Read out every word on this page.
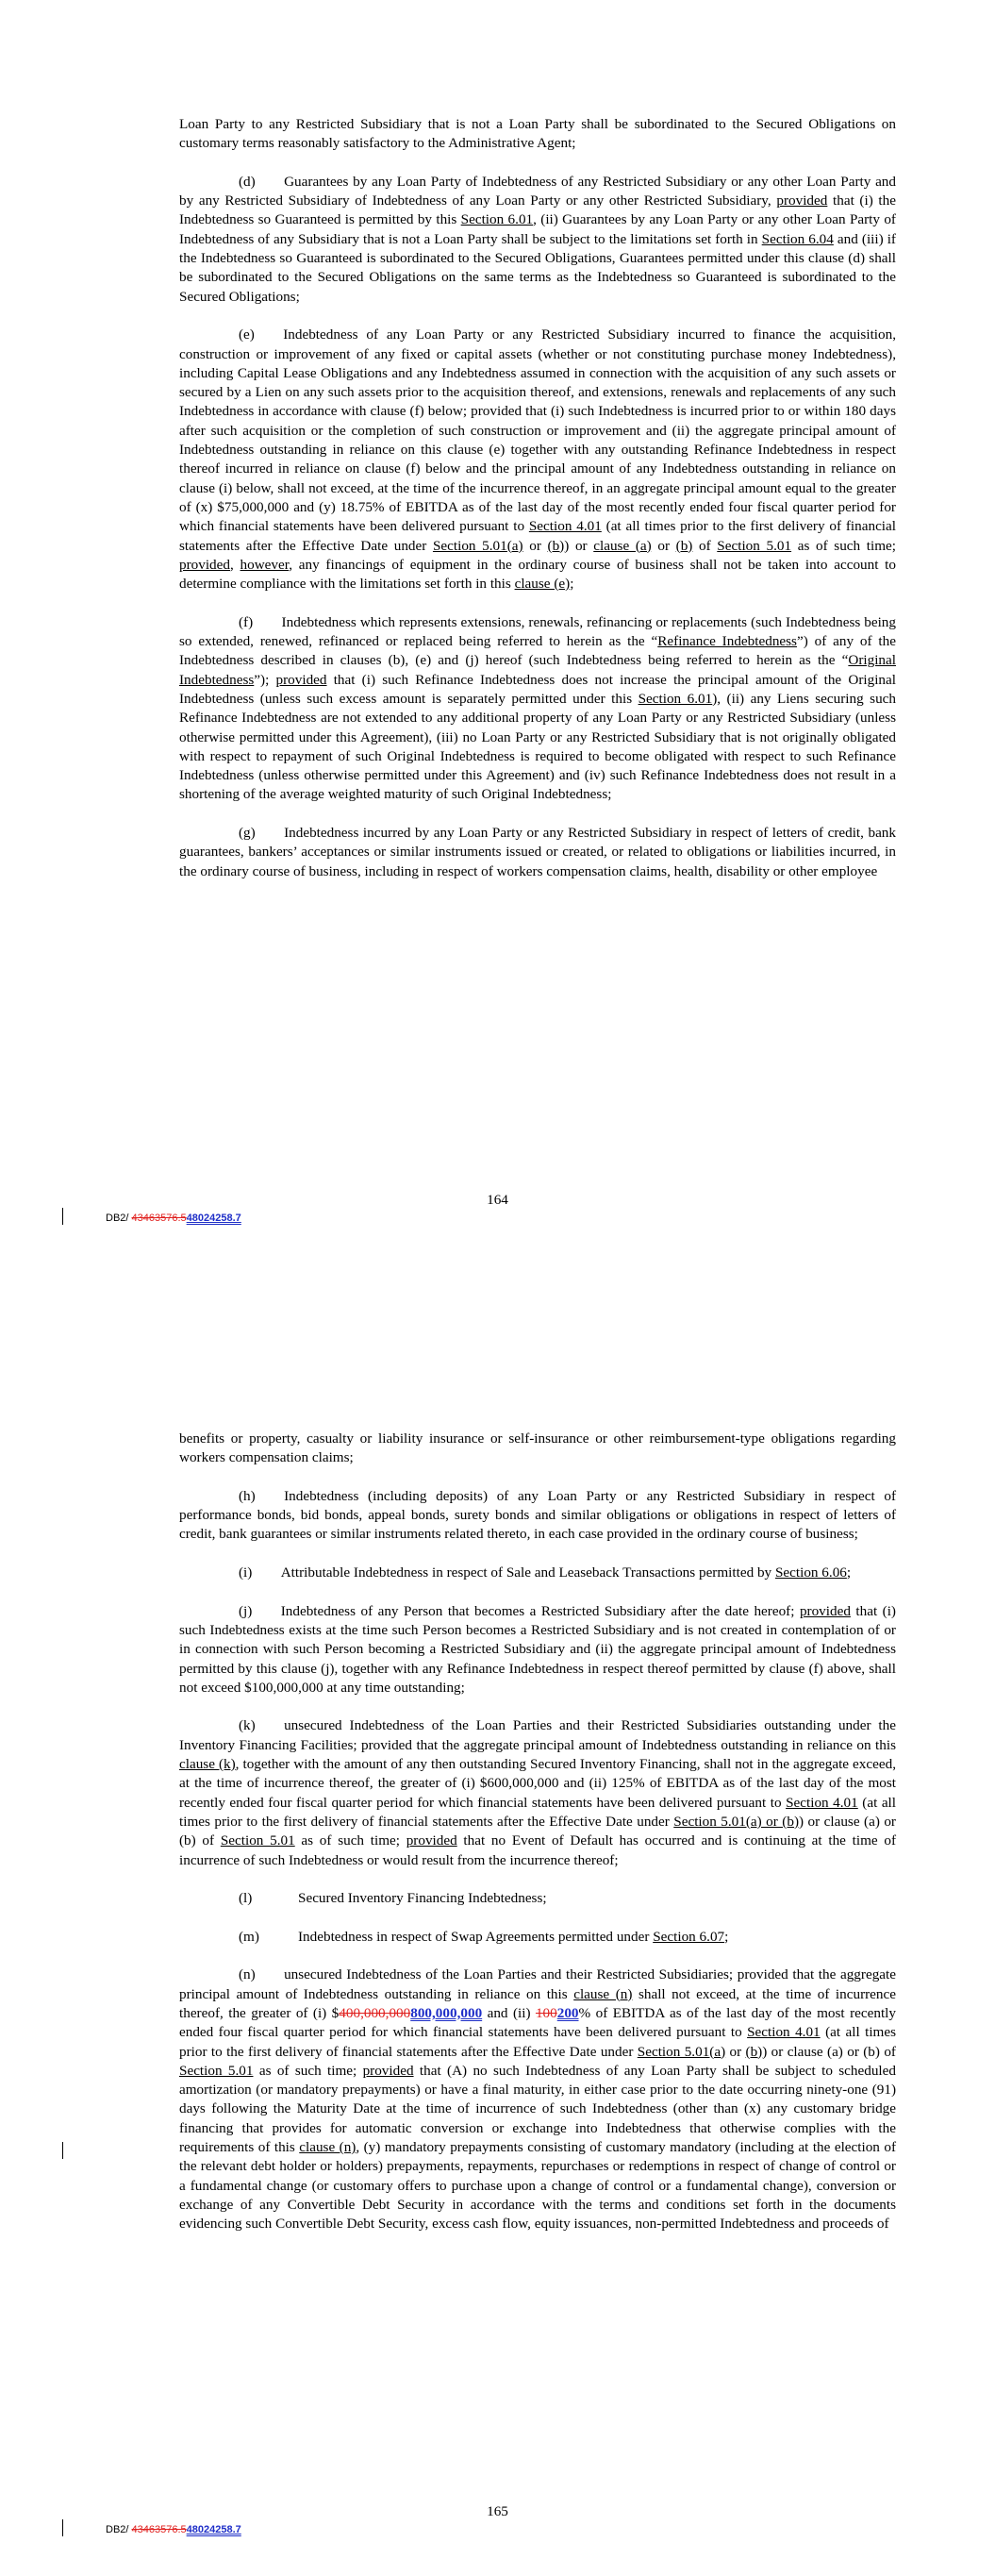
Loan Party to any Restricted Subsidiary that is not a Loan Party shall be subordinated to the Secured Obligations on customary terms reasonably satisfactory to the Administrative Agent;

(d)  Guarantees by any Loan Party of Indebtedness of any Restricted Subsidiary or any other Loan Party and by any Restricted Subsidiary of Indebtedness of any Loan Party or any other Restricted Subsidiary, provided that (i) the Indebtedness so Guaranteed is permitted by this Section 6.01, (ii) Guarantees by any Loan Party or any other Loan Party of Indebtedness of any Subsidiary that is not a Loan Party shall be subject to the limitations set forth in Section 6.04 and (iii) if the Indebtedness so Guaranteed is subordinated to the Secured Obligations, Guarantees permitted under this clause (d) shall be subordinated to the Secured Obligations on the same terms as the Indebtedness so Guaranteed is subordinated to the Secured Obligations;

(e)  Indebtedness of any Loan Party or any Restricted Subsidiary incurred to finance the acquisition, construction or improvement of any fixed or capital assets (whether or not constituting purchase money Indebtedness), including Capital Lease Obligations and any Indebtedness assumed in connection with the acquisition of any such assets or secured by a Lien on any such assets prior to the acquisition thereof, and extensions, renewals and replacements of any such Indebtedness in accordance with clause (f) below; provided that (i) such Indebtedness is incurred prior to or within 180 days after such acquisition or the completion of such construction or improvement and (ii) the aggregate principal amount of Indebtedness outstanding in reliance on this clause (e) together with any outstanding Refinance Indebtedness in respect thereof incurred in reliance on clause (f) below and the principal amount of any Indebtedness outstanding in reliance on clause (i) below, shall not exceed, at the time of the incurrence thereof, in an aggregate principal amount equal to the greater of (x) $75,000,000 and (y) 18.75% of EBITDA as of the last day of the most recently ended four fiscal quarter period for which financial statements have been delivered pursuant to Section 4.01 (at all times prior to the first delivery of financial statements after the Effective Date under Section 5.01(a) or (b)) or clause (a) or (b) of Section 5.01 as of such time; provided, however, any financings of equipment in the ordinary course of business shall not be taken into account to determine compliance with the limitations set forth in this clause (e);

(f)  Indebtedness which represents extensions, renewals, refinancing or replacements (such Indebtedness being so extended, renewed, refinanced or replaced being referred to herein as the “Refinance Indebtedness”) of any of the Indebtedness described in clauses (b), (e) and (j) hereof (such Indebtedness being referred to herein as the “Original Indebtedness”); provided that (i) such Refinance Indebtedness does not increase the principal amount of the Original Indebtedness (unless such excess amount is separately permitted under this Section 6.01), (ii) any Liens securing such Refinance Indebtedness are not extended to any additional property of any Loan Party or any Restricted Subsidiary (unless otherwise permitted under this Agreement), (iii) no Loan Party or any Restricted Subsidiary that is not originally obligated with respect to repayment of such Original Indebtedness is required to become obligated with respect to such Refinance Indebtedness (unless otherwise permitted under this Agreement) and (iv) such Refinance Indebtedness does not result in a shortening of the average weighted maturity of such Original Indebtedness;

(g)  Indebtedness incurred by any Loan Party or any Restricted Subsidiary in respect of letters of credit, bank guarantees, bankers’ acceptances or similar instruments issued or created, or related to obligations or liabilities incurred, in the ordinary course of business, including in respect of workers compensation claims, health, disability or other employee

164
DB2/ 43463576.548024258.7

benefits or property, casualty or liability insurance or self-insurance or other reimbursement-type obligations regarding workers compensation claims;

(h)  Indebtedness (including deposits) of any Loan Party or any Restricted Subsidiary in respect of performance bonds, bid bonds, appeal bonds, surety bonds and similar obligations or obligations in respect of letters of credit, bank guarantees or similar instruments related thereto, in each case provided in the ordinary course of business;

(i)  Attributable Indebtedness in respect of Sale and Leaseback Transactions permitted by Section 6.06;

(j)  Indebtedness of any Person that becomes a Restricted Subsidiary after the date hereof; provided that (i) such Indebtedness exists at the time such Person becomes a Restricted Subsidiary and is not created in contemplation of or in connection with such Person becoming a Restricted Subsidiary and (ii) the aggregate principal amount of Indebtedness permitted by this clause (j), together with any Refinance Indebtedness in respect thereof permitted by clause (f) above, shall not exceed $100,000,000 at any time outstanding;

(k)  unsecured Indebtedness of the Loan Parties and their Restricted Subsidiaries outstanding under the Inventory Financing Facilities; provided that the aggregate principal amount of Indebtedness outstanding in reliance on this clause (k), together with the amount of any then outstanding Secured Inventory Financing, shall not in the aggregate exceed, at the time of incurrence thereof, the greater of (i) $600,000,000 and (ii) 125% of EBITDA as of the last day of the most recently ended four fiscal quarter period for which financial statements have been delivered pursuant to Section 4.01 (at all times prior to the first delivery of financial statements after the Effective Date under Section 5.01(a) or (b)) or clause (a) or (b) of Section 5.01 as of such time; provided that no Event of Default has occurred and is continuing at the time of incurrence of such Indebtedness or would result from the incurrence thereof;

(l)	Secured Inventory Financing Indebtedness;

(m)	Indebtedness in respect of Swap Agreements permitted under Section 6.07;

(n)  unsecured Indebtedness of the Loan Parties and their Restricted Subsidiaries; provided that the aggregate principal amount of Indebtedness outstanding in reliance on this clause (n) shall not exceed, at the time of incurrence thereof, the greater of (i) $400,000,000800,000,000 and (ii) 100200% of EBITDA as of the last day of the most recently ended four fiscal quarter period for which financial statements have been delivered pursuant to Section 4.01 (at all times prior to the first delivery of financial statements after the Effective Date under Section 5.01(a) or (b)) or clause (a) or (b) of Section 5.01 as of such time; provided that (A) no such Indebtedness of any Loan Party shall be subject to scheduled amortization (or mandatory prepayments) or have a final maturity, in either case prior to the date occurring ninety-one (91) days following the Maturity Date at the time of incurrence of such Indebtedness (other than (x) any customary bridge financing that provides for automatic conversion or exchange into Indebtedness that otherwise complies with the requirements of this clause (n), (y) mandatory prepayments consisting of customary mandatory (including at the election of the relevant debt holder or holders) prepayments, repayments, repurchases or redemptions in respect of change of control or a fundamental change (or customary offers to purchase upon a change of control or a fundamental change), conversion or exchange of any Convertible Debt Security in accordance with the terms and conditions set forth in the documents evidencing such Convertible Debt Security, excess cash flow, equity issuances, non-permitted Indebtedness and proceeds of

165
DB2/ 43463576.548024258.7
